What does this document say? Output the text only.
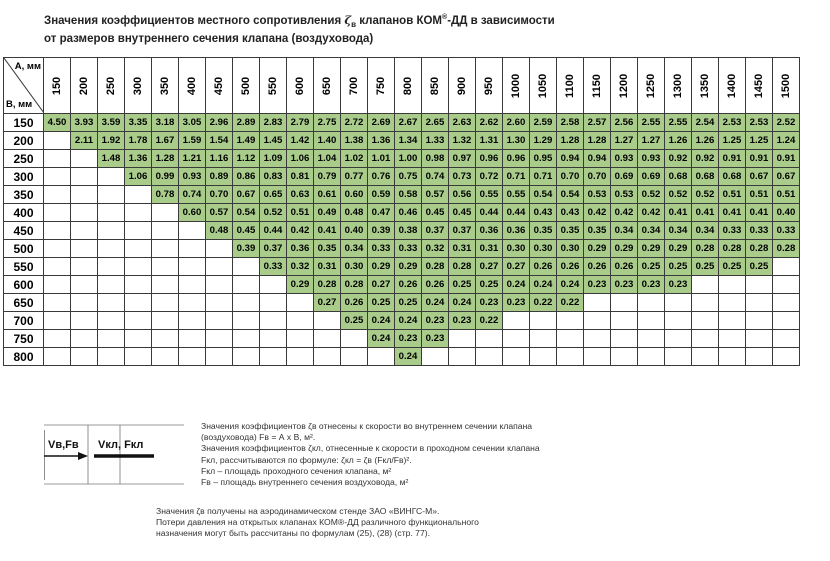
Значения коэффициентов местного сопротивления $\zeta_в$ клапанов КОМ®-ДД в зависимости
от размеров внутреннего сечения клапана (воздуховода)
А, мм
В, мм	150	200	250	300	350	400	450	500	550	600	650	700	750	800	850	900	950	1000	1050	1100	1150	1200	1250	1300	1350	1400	1450	1500
150	4.50	3.93	3.59	3.35	3.18	3.05	2.96	2.89	2.83	2.79	2.75	2.72	2.69	2.67	2.65	2.63	2.62	2.60	2.59	2.58	2.57	2.56	2.55	2.55	2.54	2.53	2.53	2.52
200		2.11	1.92	1.78	1.67	1.59	1.54	1.49	1.45	1.42	1.40	1.38	1.36	1.34	1.33	1.32	1.31	1.30	1.29	1.28	1.28	1.27	1.27	1.26	1.26	1.25	1.25	1.24
250			1.48	1.36	1.28	1.21	1.16	1.12	1.09	1.06	1.04	1.02	1.01	1.00	0.98	0.97	0.96	0.96	0.95	0.94	0.94	0.93	0.93	0.92	0.92	0.91	0.91	0.91
300				1.06	0.99	0.93	0.89	0.86	0.83	0.81	0.79	0.77	0.76	0.75	0.74	0.73	0.72	0.71	0.71	0.70	0.70	0.69	0.69	0.68	0.68	0.68	0.67	0.67
350					0.78	0.74	0.70	0.67	0.65	0.63	0.61	0.60	0.59	0.58	0.57	0.56	0.55	0.55	0.54	0.54	0.53	0.53	0.52	0.52	0.52	0.51	0.51	0.51
400						0.60	0.57	0.54	0.52	0.51	0.49	0.48	0.47	0.46	0.45	0.45	0.44	0.44	0.43	0.43	0.42	0.42	0.42	0.41	0.41	0.41	0.41	0.40
450							0.48	0.45	0.44	0.42	0.41	0.40	0.39	0.38	0.37	0.37	0.36	0.36	0.35	0.35	0.35	0.34	0.34	0.34	0.34	0.33	0.33	0.33
500								0.39	0.37	0.36	0.35	0.34	0.33	0.33	0.32	0.31	0.31	0.30	0.30	0.30	0.29	0.29	0.29	0.29	0.28	0.28	0.28	0.28
550									0.33	0.32	0.31	0.30	0.29	0.29	0.28	0.28	0.27	0.27	0.26	0.26	0.26	0.26	0.25	0.25	0.25	0.25	0.25	
600										0.29	0.28	0.28	0.27	0.26	0.26	0.25	0.25	0.24	0.24	0.24	0.23	0.23	0.23	0.23				
650											0.27	0.26	0.25	0.25	0.24	0.24	0.23	0.23	0.22	0.22								
700												0.25	0.24	0.24	0.23	0.23	0.22											
750													0.24	0.23	0.23													
800														0.24														
Vв,Fв Vкл, Fкл

Значения коэффициентов ζв отнесены к скорости во внутреннем сечении клапана

(воздуховода) Fв = А х В, м².

Значения коэффициентов ζкл, отнесенные к скорости в проходном сечении клапана

Fкл, рассчитываются по формуле: ζкл = ζв (Fкл/Fв)².

Fкл – площадь проходного сечения клапана, м²

Fв – площадь внутреннего сечения воздуховода, м²

Значения ζв получены на аэродинамическом стенде ЗАО «ВИНГС-М».

Потери давления на открытых клапанах КОМ®-ДД различного функционального

назначения могут быть рассчитаны по формулам (25), (28) (стр. 77).
